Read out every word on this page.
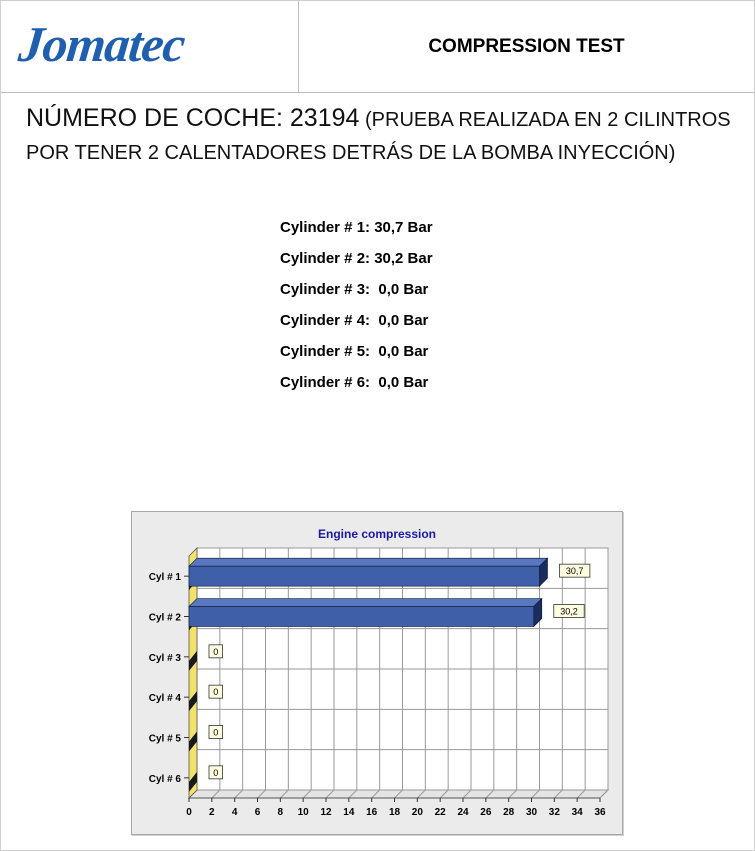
Jomatec	COMPRESSION TEST
NÚMERO DE COCHE: 23194 (PRUEBA REALIZADA EN 2 CILINTROS
POR TENER 2 CALENTADORES DETRÁS DE LA BOMBA INYECCIÓN)
Cylinder # 1: 30,7 Bar
Cylinder # 2: 30,2 Bar
Cylinder # 3:  0,0 Bar
Cylinder # 4:  0,0 Bar
Cylinder # 5:  0,0 Bar
Cylinder # 6:  0,0 Bar
Engine compression
Cyl # 1
30,7
Cyl # 2
30,2
Cyl # 3
0
Cyl # 4
0
Cyl # 5
0
Cyl # 6
0
0 2 4 6 8 10 12 14 16 18 20 22 24 26 28 30 32 34 36
